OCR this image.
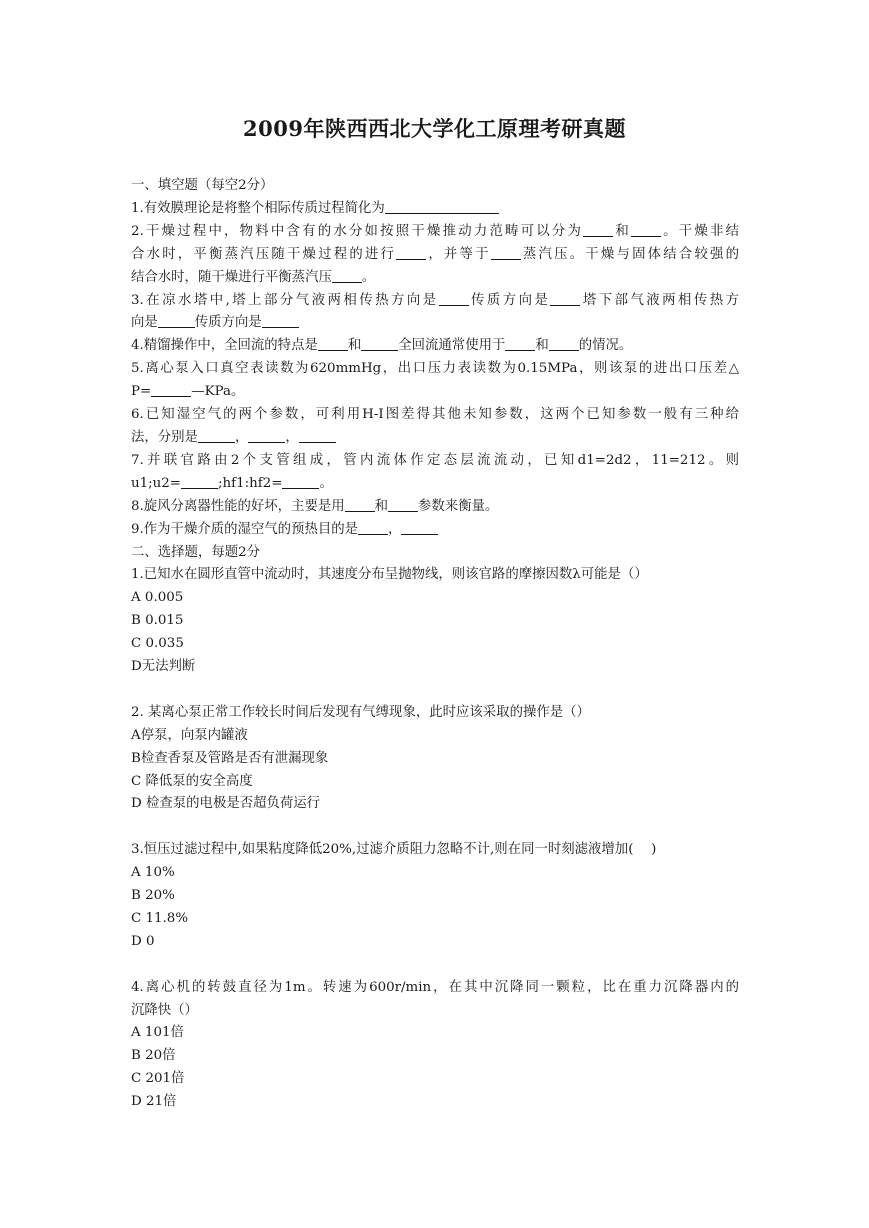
2009年陕西西北大学化工原理考研真题
一、填空题（每空2分）
1.有效膜理论是将整个相际传质过程简化为
2.干燥过程中，物料中含有的水分如按照干燥推动力范畴可以分为 和 。干燥非结
合水时，平衡蒸汽压随干燥过程的进行 ，并等于 蒸汽压。干燥与固体结合较强的
结合水时，随干燥进行平衡蒸汽压 。
3.在凉水塔中,塔上部分气液两相传热方向是 传质方向是 塔下部气液两相传热方
向是	传质方向是
4.精馏操作中，全回流的特点是 和	全回流通常使用于 和 的情况。
5.离心泵入口真空表读数为620mmHg，出口压力表读数为0.15MPa，则该泵的进出口压差△
P=	—KPa。
6.已知湿空气的两个参数，可利用H-I图差得其他未知参数，这两个已知参数一般有三种给
法，分别是	，	，
7.并联官路由2个支管组成，管内流体作定态层流流动，已知d1=2d2，11=212。则
u1;u2=	;hf1:hf2=	。
8.旋风分离器性能的好坏，主要是用 和 参数来衡量。
9.作为干燥介质的湿空气的预热目的是 ，
二、选择题，每题2分
1.已知水在圆形直管中流动时，其速度分布呈抛物线，则该官路的摩擦因数λ可能是（）
A 0.005
B 0.015
C 0.035
D无法判断
2. 某离心泵正常工作较长时间后发现有气缚现象，此时应该采取的操作是（）
A停泵，向泵内罐液
B检查香泵及管路是否有泄漏现象
C 降低泵的安全高度
D 检查泵的电极是否超负荷运行
3.恒压过滤过程中,如果粘度降低20%,过滤介质阻力忽略不计,则在同一时刻滤液增加(　 )
A 10%
B 20%
C 11.8%
D 0
4.离心机的转鼓直径为1m。转速为600r/min，在其中沉降同一颗粒，比在重力沉降器内的
沉降快（）
A 101倍
B 20倍
C 201倍
D 21倍
